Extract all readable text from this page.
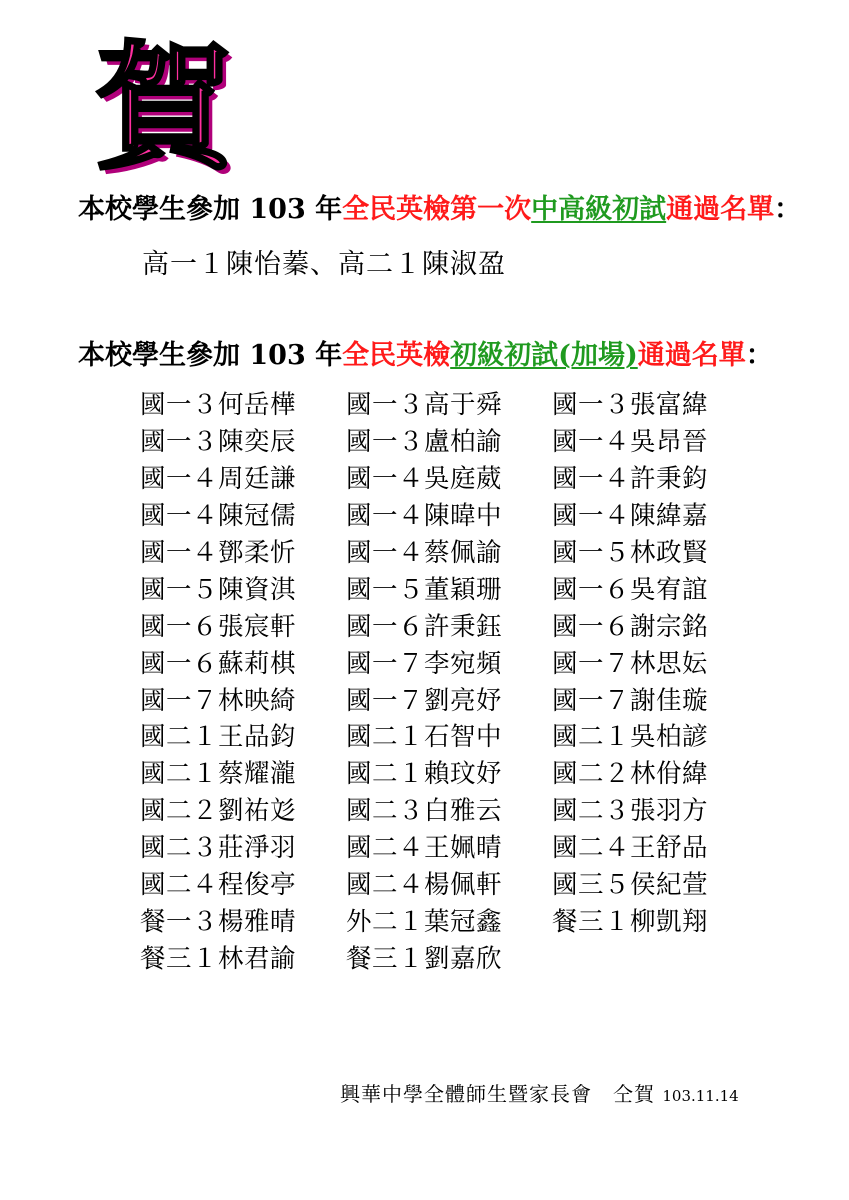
賀
本校學生參加 103 年全民英檢第一次中高級初試通過名單：
高一１陳怡蓁、高二１陳淑盈
本校學生參加 103 年全民英檢初級初試(加場)通過名單：
國一３何岳樺	國一３高于舜	國一３張富緯
國一３陳奕辰	國一３盧柏諭	國一４吳昂晉
國一４周廷謙	國一４吳庭葳	國一４許秉鈞
國一４陳冠儒	國一４陳暐中	國一４陳緯嘉
國一４鄧柔忻	國一４蔡佩諭	國一５林政賢
國一５陳資淇	國一５董穎珊	國一６吳宥誼
國一６張宸軒	國一６許秉鈺	國一６謝宗銘
國一６蘇莉棋	國一７李宛頻	國一７林思妘
國一７林映綺	國一７劉亮妤	國一７謝佳璇
國二１王品鈞	國二１石智中	國二１吳柏諺
國二１蔡耀瀧	國二１賴玟妤	國二２林佾緯
國二２劉祐彣	國二３白雅云	國二３張羽方
國二３莊淨羽	國二４王姵晴	國二４王舒品
國二４程俊亭	國二４楊佩軒	國三５侯紀萱
餐一３楊雅晴	外二１葉冠鑫	餐三１柳凱翔
餐三１林君諭	餐三１劉嘉欣
興華中學全體師生暨家長會　仝賀 103.11.14
